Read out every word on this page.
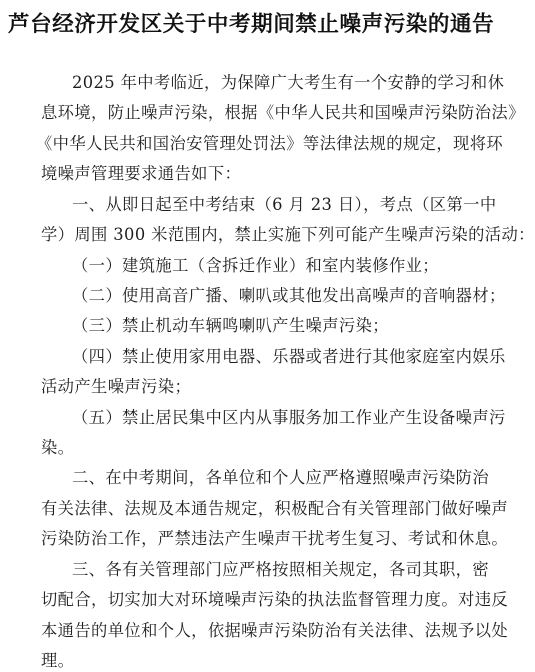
芦台经济开发区关于中考期间禁止噪声污染的通告

2025 年中考临近，为保障广大考生有一个安静的学习和休

息环境，防止噪声污染，根据《中华人民共和国噪声污染防治法》

《中华人民共和国治安管理处罚法》等法律法规的规定，现将环

境噪声管理要求通告如下：

一、从即日起至中考结束（6 月 23 日），考点（区第一中

学）周围 300 米范围内，禁止实施下列可能产生噪声污染的活动：

（一）建筑施工（含拆迁作业）和室内装修作业；

（二）使用高音广播、喇叭或其他发出高噪声的音响器材；

（三）禁止机动车辆鸣喇叭产生噪声污染；

（四）禁止使用家用电器、乐器或者进行其他家庭室内娱乐

活动产生噪声污染；

（五）禁止居民集中区内从事服务加工作业产生设备噪声污

染。

二、在中考期间，各单位和个人应严格遵照噪声污染防治

有关法律、法规及本通告规定，积极配合有关管理部门做好噪声

污染防治工作，严禁违法产生噪声干扰考生复习、考试和休息。

三、各有关管理部门应严格按照相关规定，各司其职，密

切配合，切实加大对环境噪声污染的执法监督管理力度。对违反

本通告的单位和个人，依据噪声污染防治有关法律、法规予以处

理。
